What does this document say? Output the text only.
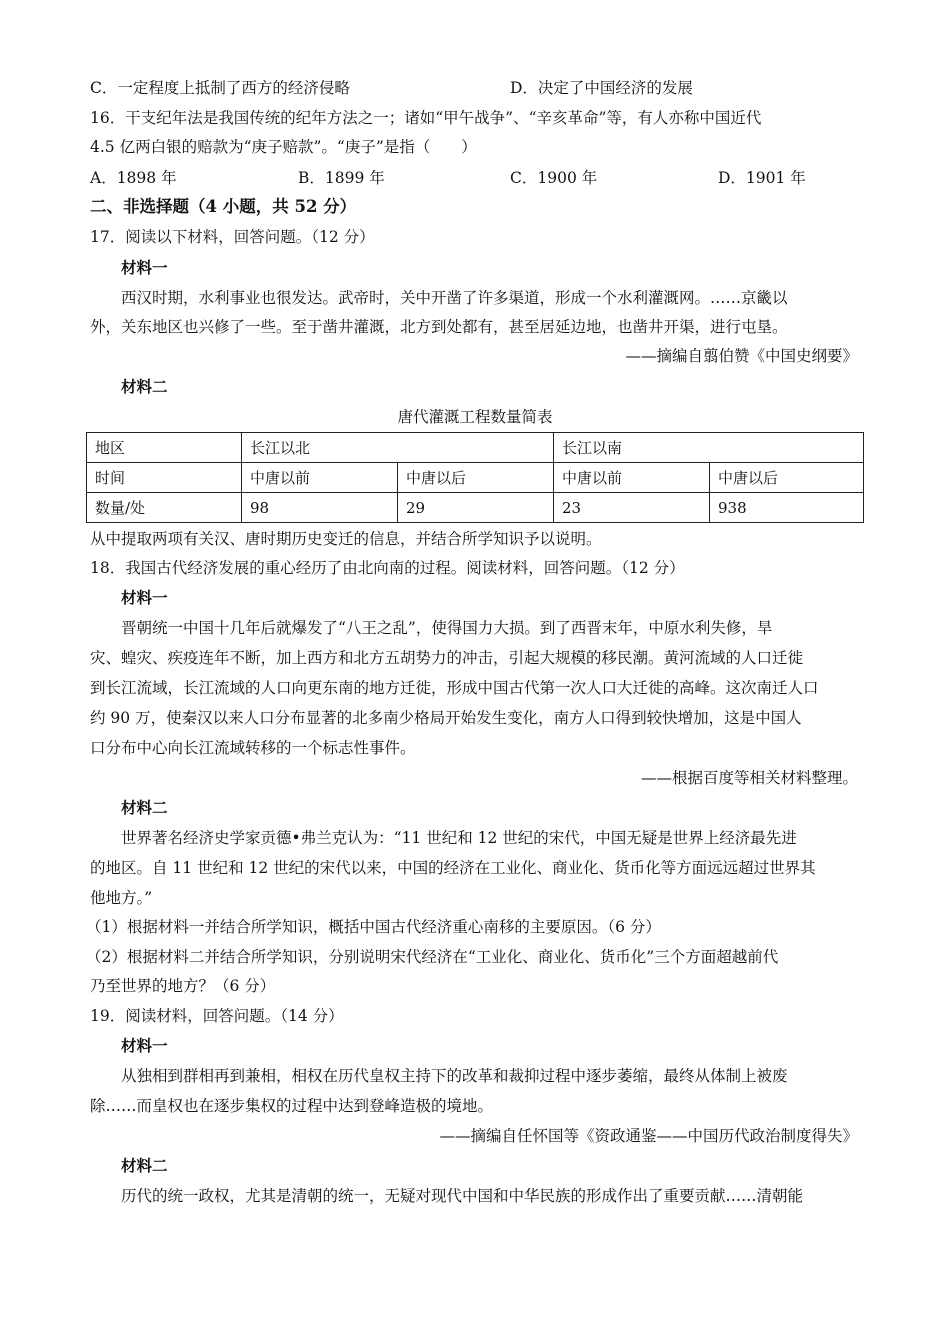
C．一定程度上抵制了西方的经济侵略	D．决定了中国经济的发展
16．干支纪年法是我国传统的纪年方法之一；诸如“甲午战争”、“辛亥革命”等，有人亦称中国近代
4.5 亿两白银的赔款为“庚子赔款”。“庚子”是指（　　）
A．1898 年	B．1899 年	C．1900 年	D．1901 年
二、非选择题（4 小题，共 52 分）
17．阅读以下材料，回答问题。（12 分）
材料一
西汉时期，水利事业也很发达。武帝时，关中开凿了许多渠道，形成一个水利灌溉网。……京畿以
外，关东地区也兴修了一些。至于凿井灌溉，北方到处都有，甚至居延边地，也凿井开渠，进行屯垦。
——摘编自翦伯赞《中国史纲要》
材料二
唐代灌溉工程数量简表
地区	长江以北		长江以南	
时间	中唐以前	中唐以后	中唐以前	中唐以后
数量/处	98	29	23	938
从中提取两项有关汉、唐时期历史变迁的信息，并结合所学知识予以说明。
18．我国古代经济发展的重心经历了由北向南的过程。阅读材料，回答问题。（12 分）
材料一
晋朝统一中国十几年后就爆发了“八王之乱”，使得国力大损。到了西晋末年，中原水利失修，旱
灾、蝗灾、疾疫连年不断，加上西方和北方五胡势力的冲击，引起大规模的移民潮。黄河流域的人口迁徙
到长江流域，长江流域的人口向更东南的地方迁徙，形成中国古代第一次人口大迁徙的高峰。这次南迁人口
约 90 万，使秦汉以来人口分布显著的北多南少格局开始发生变化，南方人口得到较快增加，这是中国人
口分布中心向长江流域转移的一个标志性事件。
——根据百度等相关材料整理。
材料二
世界著名经济史学家贡德•弗兰克认为：“11 世纪和 12 世纪的宋代，中国无疑是世界上经济最先进
的地区。自 11 世纪和 12 世纪的宋代以来，中国的经济在工业化、商业化、货币化等方面远远超过世界其
他地方。”
（1）根据材料一并结合所学知识，概括中国古代经济重心南移的主要原因。（6 分）
（2）根据材料二并结合所学知识，分别说明宋代经济在“工业化、商业化、货币化”三个方面超越前代
乃至世界的地方？（6 分）
19．阅读材料，回答问题。（14 分）
材料一
从独相到群相再到兼相，相权在历代皇权主持下的改革和裁抑过程中逐步萎缩，最终从体制上被废
除……而皇权也在逐步集权的过程中达到登峰造极的境地。
——摘编自任怀国等《资政通鉴——中国历代政治制度得失》
材料二
历代的统一政权，尤其是清朝的统一，无疑对现代中国和中华民族的形成作出了重要贡献……清朝能
